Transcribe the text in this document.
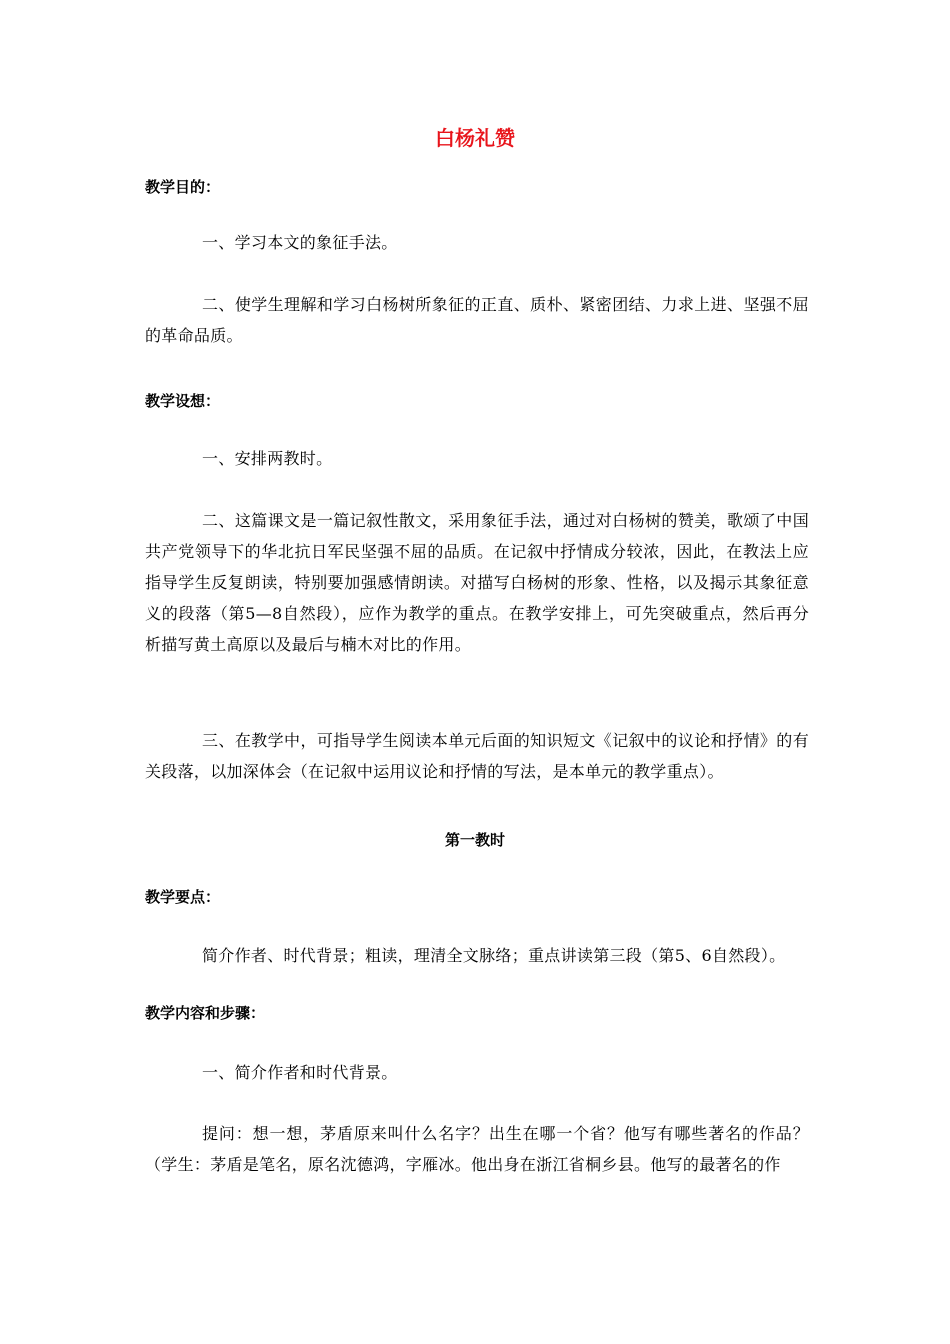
白杨礼赞
教学目的：
一、学习本文的象征手法。
二、使学生理解和学习白杨树所象征的正直、质朴、紧密团结、力求上进、坚强不屈的革命品质。
教学设想：
一、安排两教时。
二、这篇课文是一篇记叙性散文，采用象征手法，通过对白杨树的赞美，歌颂了中国共产党领导下的华北抗日军民坚强不屈的品质。在记叙中抒情成分较浓，因此，在教法上应指导学生反复朗读，特别要加强感情朗读。对描写白杨树的形象、性格，以及揭示其象征意义的段落（第5—8自然段），应作为教学的重点。在教学安排上，可先突破重点，然后再分析描写黄土高原以及最后与楠木对比的作用。
三、在教学中，可指导学生阅读本单元后面的知识短文《记叙中的议论和抒情》的有关段落，以加深体会（在记叙中运用议论和抒情的写法，是本单元的教学重点）。
第一教时
教学要点：
简介作者、时代背景；粗读，理清全文脉络；重点讲读第三段（第5、6自然段）。
教学内容和步骤：
一、简介作者和时代背景。
提问：想一想，茅盾原来叫什么名字？出生在哪一个省？他写有哪些著名的作品？（学生：茅盾是笔名，原名沈德鸿，字雁冰。他出身在浙江省桐乡县。他写的最著名的作
